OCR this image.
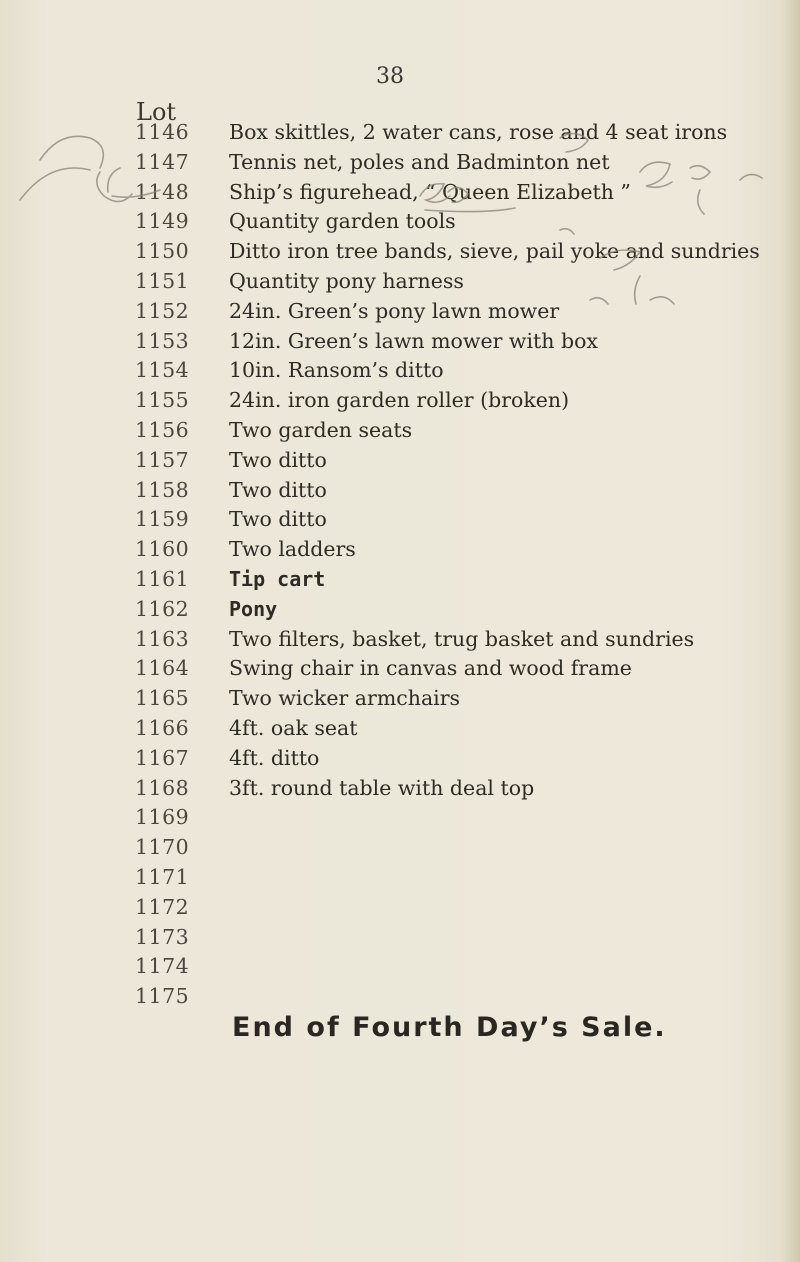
38
Lot
1146 Box skittles, 2 water cans, rose and 4 seat irons
1147 Tennis net, poles and Badminton net
1148 Ship’s figurehead, “ Queen Elizabeth ”
1149 Quantity garden tools
1150 Ditto iron tree bands, sieve, pail yoke and sundries
1151 Quantity pony harness
1152 24in. Green’s pony lawn mower
1153 12in. Green’s lawn mower with box
1154 10in. Ransom’s ditto
1155 24in. iron garden roller (broken)
1156 Two garden seats
1157 Two ditto
1158 Two ditto
1159 Two ditto
1160 Two ladders
1161 Tip cart
1162 Pony
1163 Two filters, basket, trug basket and sundries
1164 Swing chair in canvas and wood frame
1165 Two wicker armchairs
1166 4ft. oak seat
1167 4ft. ditto
1168 3ft. round table with deal top
1169
1170
1171
1172
1173
1174
1175
End of Fourth Day’s Sale.
